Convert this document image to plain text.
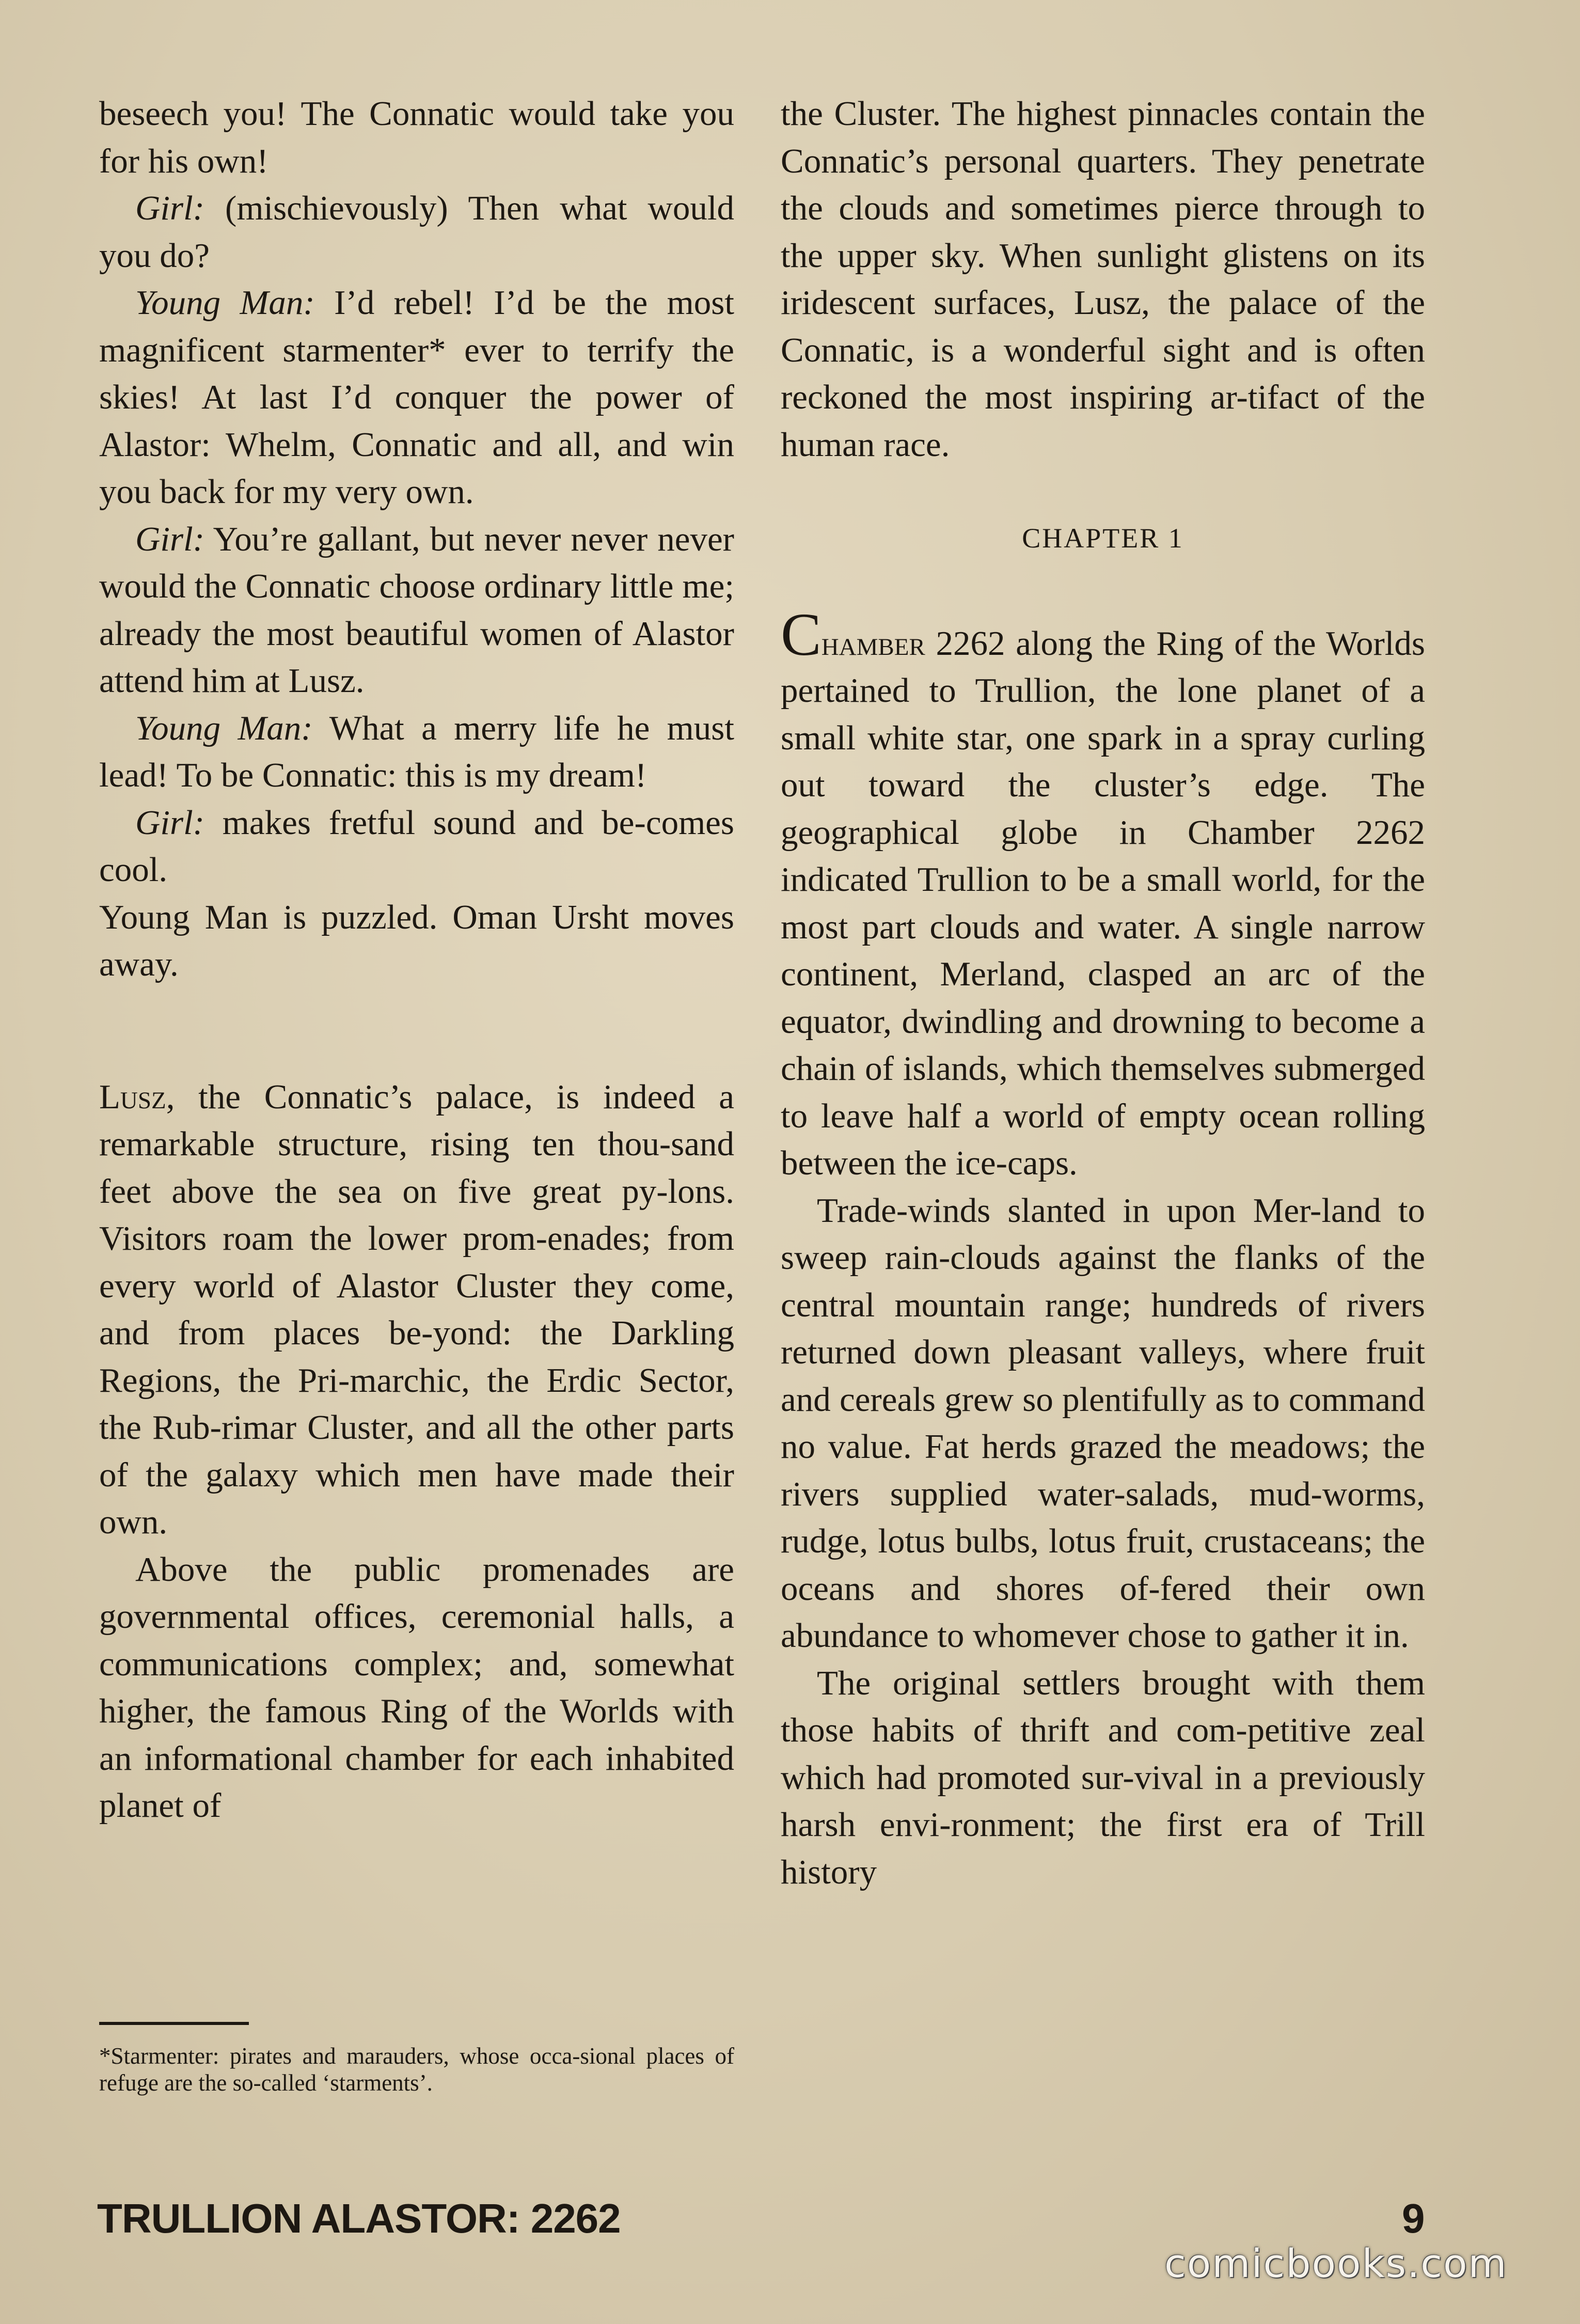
beseech you! The Connatic would take you for his own!

Girl: (mischievously) Then what would you do?

Young Man: I’d rebel! I’d be the most magnificent starmenter* ever to terrify the skies! At last I’d conquer the power of Alastor: Whelm, Connatic and all, and win you back for my very own.

Girl: You’re gallant, but never never never would the Connatic choose ordinary little me; already the most beautiful women of Alastor attend him at Lusz.

Young Man: What a merry life he must lead! To be Connatic: this is my dream!

Girl: makes fretful sound and be-comes cool.

Young Man is puzzled. Oman Ursht moves away.

Lusz, the Connatic’s palace, is indeed a remarkable structure, rising ten thou-sand feet above the sea on five great py-lons. Visitors roam the lower prom-enades; from every world of Alastor Cluster they come, and from places be-yond: the Darkling Regions, the Pri-marchic, the Erdic Sector, the Rub-rimar Cluster, and all the other parts of the galaxy which men have made their own.

Above the public promenades are governmental offices, ceremonial halls, a communications complex; and, somewhat higher, the famous Ring of the Worlds with an informational chamber for each inhabited planet of

the Cluster. The highest pinnacles contain the Connatic’s personal quarters. They penetrate the clouds and sometimes pierce through to the upper sky. When sunlight glistens on its iridescent surfaces, Lusz, the palace of the Connatic, is a wonderful sight and is often reckoned the most inspiring ar-tifact of the human race.

CHAPTER 1

Chamber 2262 along the Ring of the Worlds pertained to Trullion, the lone planet of a small white star, one spark in a spray curling out toward the cluster’s edge. The geographical globe in Chamber 2262 indicated Trullion to be a small world, for the most part clouds and water. A single narrow continent, Merland, clasped an arc of the equator, dwindling and drowning to become a chain of islands, which themselves submerged to leave half a world of empty ocean rolling between the ice-caps.

Trade-winds slanted in upon Mer-land to sweep rain-clouds against the flanks of the central mountain range; hundreds of rivers returned down pleasant valleys, where fruit and cereals grew so plentifully as to command no value. Fat herds grazed the meadows; the rivers supplied water-salads, mud-worms, rudge, lotus bulbs, lotus fruit, crustaceans; the oceans and shores of-fered their own abundance to whomever chose to gather it in.

The original settlers brought with them those habits of thrift and com-petitive zeal which had promoted sur-vival in a previously harsh envi-ronment; the first era of Trill history

*Starmenter: pirates and marauders, whose occa-sional places of refuge are the so-called ‘starments’.
TRULLION ALASTOR: 2262	9
comicbooks.com
